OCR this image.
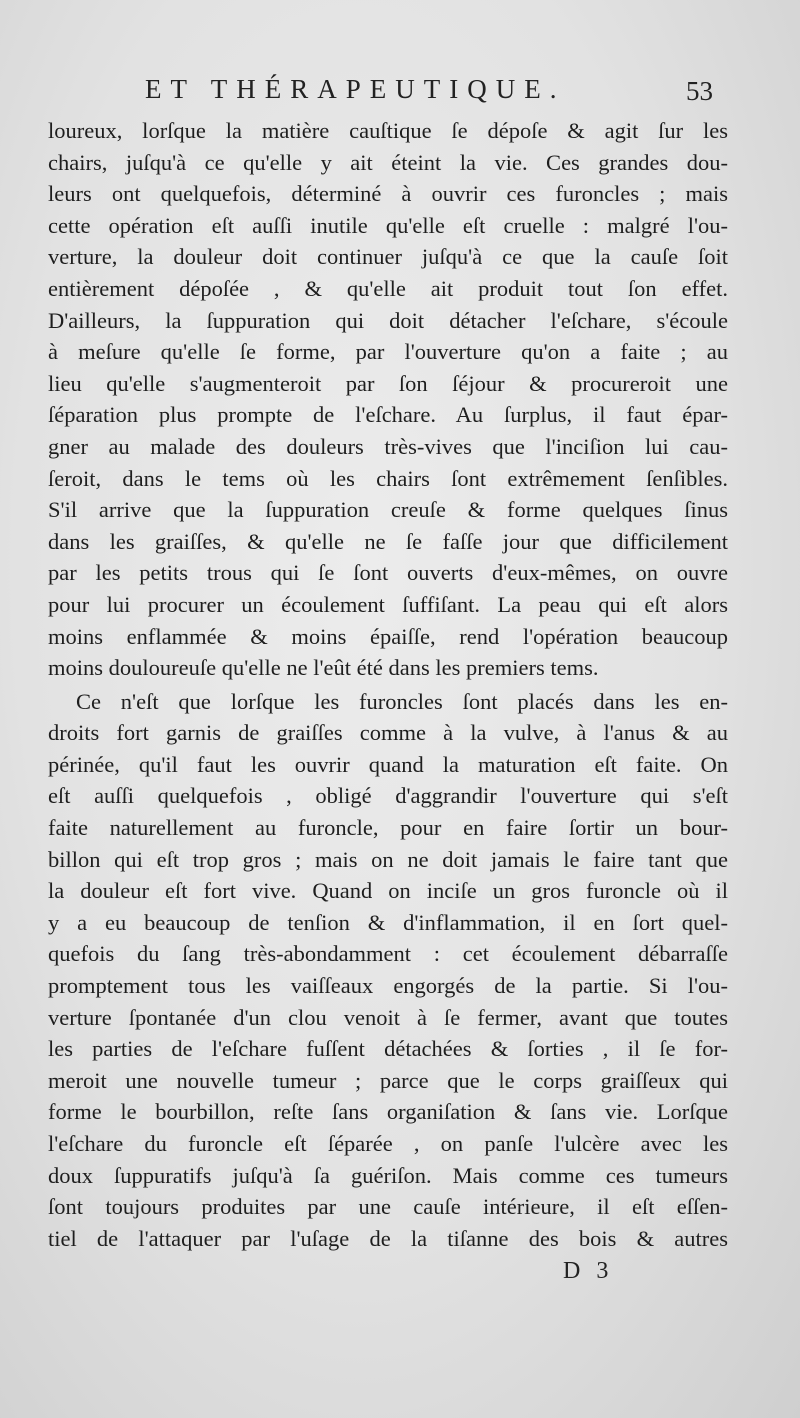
ET THÉRAPEUTIQUE.	53
loureux, lorſque la matière cauſtique ſe dépoſe & agit ſur les
chairs, juſqu'à ce qu'elle y ait éteint la vie. Ces grandes dou-
leurs ont quelquefois, déterminé à ouvrir ces furoncles ; mais
cette opération eſt auſſi inutile qu'elle eſt cruelle : malgré l'ou-
verture, la douleur doit continuer juſqu'à ce que la cauſe ſoit
entièrement dépoſée , & qu'elle ait produit tout ſon effet.
D'ailleurs, la ſuppuration qui doit détacher l'eſchare, s'écoule
à meſure qu'elle ſe forme, par l'ouverture qu'on a faite ; au
lieu qu'elle s'augmenteroit par ſon ſéjour & procureroit une
ſéparation plus prompte de l'eſchare. Au ſurplus, il faut épar-
gner au malade des douleurs très-vives que l'inciſion lui cau-
ſeroit, dans le tems où les chairs ſont extrêmement ſenſibles.
S'il arrive que la ſuppuration creuſe & forme quelques ſinus
dans les graiſſes, & qu'elle ne ſe faſſe jour que difficilement
par les petits trous qui ſe ſont ouverts d'eux-mêmes, on ouvre
pour lui procurer un écoulement ſuffiſant. La peau qui eſt alors
moins enflammée & moins épaiſſe, rend l'opération beaucoup
moins douloureuſe qu'elle ne l'eût été dans les premiers tems.
Ce n'eſt que lorſque les furoncles ſont placés dans les en-
droits fort garnis de graiſſes comme à la vulve, à l'anus & au
périnée, qu'il faut les ouvrir quand la maturation eſt faite. On
eſt auſſi quelquefois , obligé d'aggrandir l'ouverture qui s'eſt
faite naturellement au furoncle, pour en faire ſortir un bour-
billon qui eſt trop gros ; mais on ne doit jamais le faire tant que
la douleur eſt fort vive. Quand on inciſe un gros furoncle où il
y a eu beaucoup de tenſion & d'inflammation, il en ſort quel-
quefois du ſang très-abondamment : cet écoulement débarraſſe
promptement tous les vaiſſeaux engorgés de la partie. Si l'ou-
verture ſpontanée d'un clou venoit à ſe fermer, avant que toutes
les parties de l'eſchare fuſſent détachées & ſorties , il ſe for-
meroit une nouvelle tumeur ; parce que le corps graiſſeux qui
forme le bourbillon, reſte ſans organiſation & ſans vie. Lorſque
l'eſchare du furoncle eſt ſéparée , on panſe l'ulcère avec les
doux ſuppuratifs juſqu'à ſa guériſon. Mais comme ces tumeurs
ſont toujours produites par une cauſe intérieure, il eſt eſſen-
tiel de l'attaquer par l'uſage de la tiſanne des bois & autres
D 3
